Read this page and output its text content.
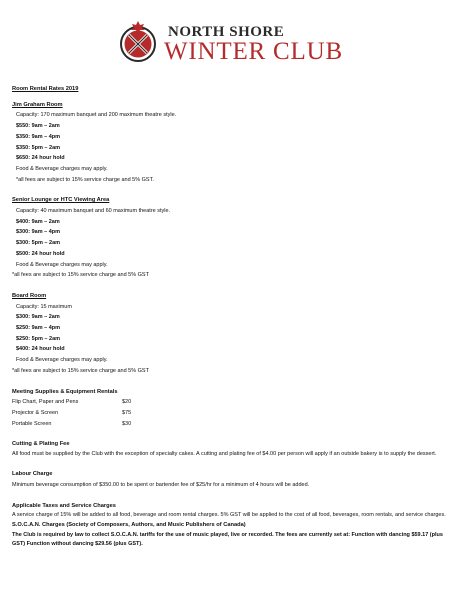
NORTH SHORE
WINTER CLUB

Room Rental Rates 2019

Jim Graham Room

Capacity: 170 maximum banquet and 200 maximum theatre style.

$550: 9am – 2am

$350: 9am – 4pm

$350: 5pm – 2am

$650: 24 hour hold

Food & Beverage charges may apply.

*all fees are subject to 15% service charge and 5% GST.

Senior Lounge or HTC Viewing Area

Capacity: 40 maximum banquet and 60 maximum theatre style.

$400: 9am – 2am

$300: 9am – 4pm

$300: 5pm – 2am

$500: 24 hour hold

Food & Beverage charges may apply.

*all fees are subject to 15% service charge and 5% GST

Board Room

Capacity: 15 maximum

$300: 9am – 2am

$250: 9am – 4pm

$250: 5pm – 2am

$400: 24 hour hold

Food & Beverage charges may apply.

*all fees are subject to 15% service charge and 5% GST

Meeting Supplies & Equipment Rentals

Flip Chart, Paper and Pens	$20
Projector & Screen	$75
Portable Screen	$30

Cutting & Plating Fee

All food must be supplied by the Club with the exception of specialty cakes. A cutting and plating fee of $4.00 per person will apply if an outside bakery is to supply the dessert.

Labour Charge

Minimum beverage consumption of $350.00 to be spent or bartender fee of $25/hr for a minimum of 4 hours will be added.

Applicable Taxes and Service Charges

A service charge of 15% will be added to all food, beverage and room rental charges. 5% GST will be applied to the cost of all food, beverages, room rentals, and service charges.

S.O.C.A.N. Charges (Society of Composers, Authors, and Music Publishers of Canada)

The Club is required by law to collect S.O.C.A.N. tariffs for the use of music played, live or recorded. The fees are currently set at: Function with dancing $59.17 (plus GST) Function without dancing $29.56 (plus GST).
